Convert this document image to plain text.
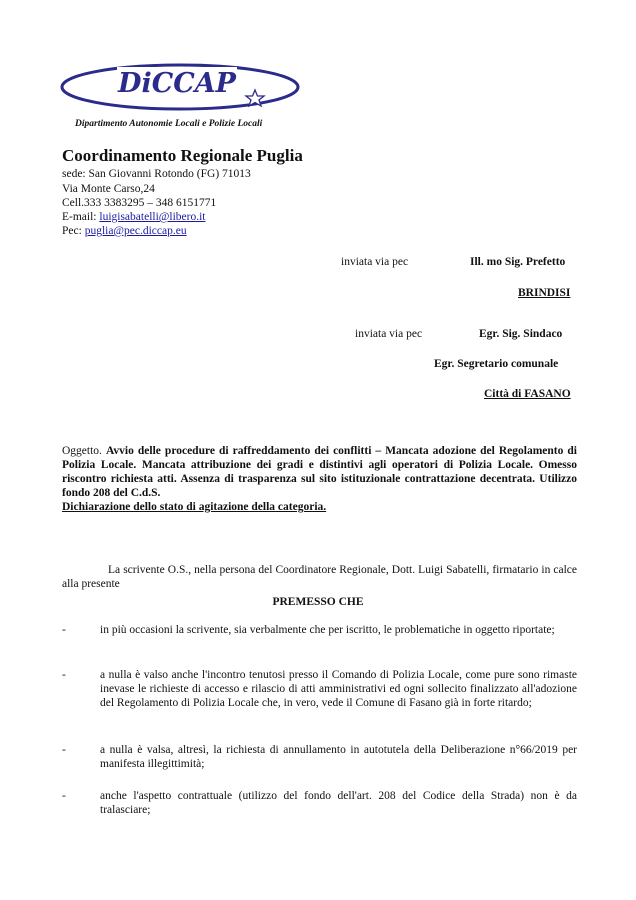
DiCCAP
Dipartimento Autonomie Locali e Polizie Locali
Coordinamento Regionale Puglia
sede: San Giovanni Rotondo (FG) 71013
Via Monte Carso,24
Cell.333 3383295 – 348 6151771
E-mail: luigisabatelli@libero.it
Pec: puglia@pec.diccap.eu
inviata via pec	Ill. mo Sig. Prefetto
BRINDISI
inviata via pec	Egr. Sig. Sindaco
Egr. Segretario comunale
Città di FASANO
Oggetto. Avvio delle procedure di raffreddamento dei conflitti – Mancata adozione del Regolamento di Polizia Locale. Mancata attribuzione dei gradi e distintivi agli operatori di Polizia Locale. Omesso riscontro richiesta atti. Assenza di trasparenza sul sito istituzionale contrattazione decentrata. Utilizzo fondo 208 del C.d.S.
Dichiarazione dello stato di agitazione della categoria.
La scrivente O.S., nella persona del Coordinatore Regionale, Dott. Luigi Sabatelli, firmatario in calce alla presente
PREMESSO CHE
-	in più occasioni la scrivente, sia verbalmente che per iscritto, le problematiche in oggetto riportate;
-	a nulla è valso anche l'incontro tenutosi presso il Comando di Polizia Locale, come pure sono rimaste inevase le richieste di accesso e rilascio di atti amministrativi ed ogni sollecito finalizzato all'adozione del Regolamento di Polizia Locale che, in vero, vede il Comune di Fasano già in forte ritardo;
-	a nulla è valsa, altresì, la richiesta di annullamento in autotutela della Deliberazione n°66/2019 per manifesta illegittimità;
-	anche l'aspetto contrattuale (utilizzo del fondo dell'art. 208 del Codice della Strada) non è da tralasciare;
